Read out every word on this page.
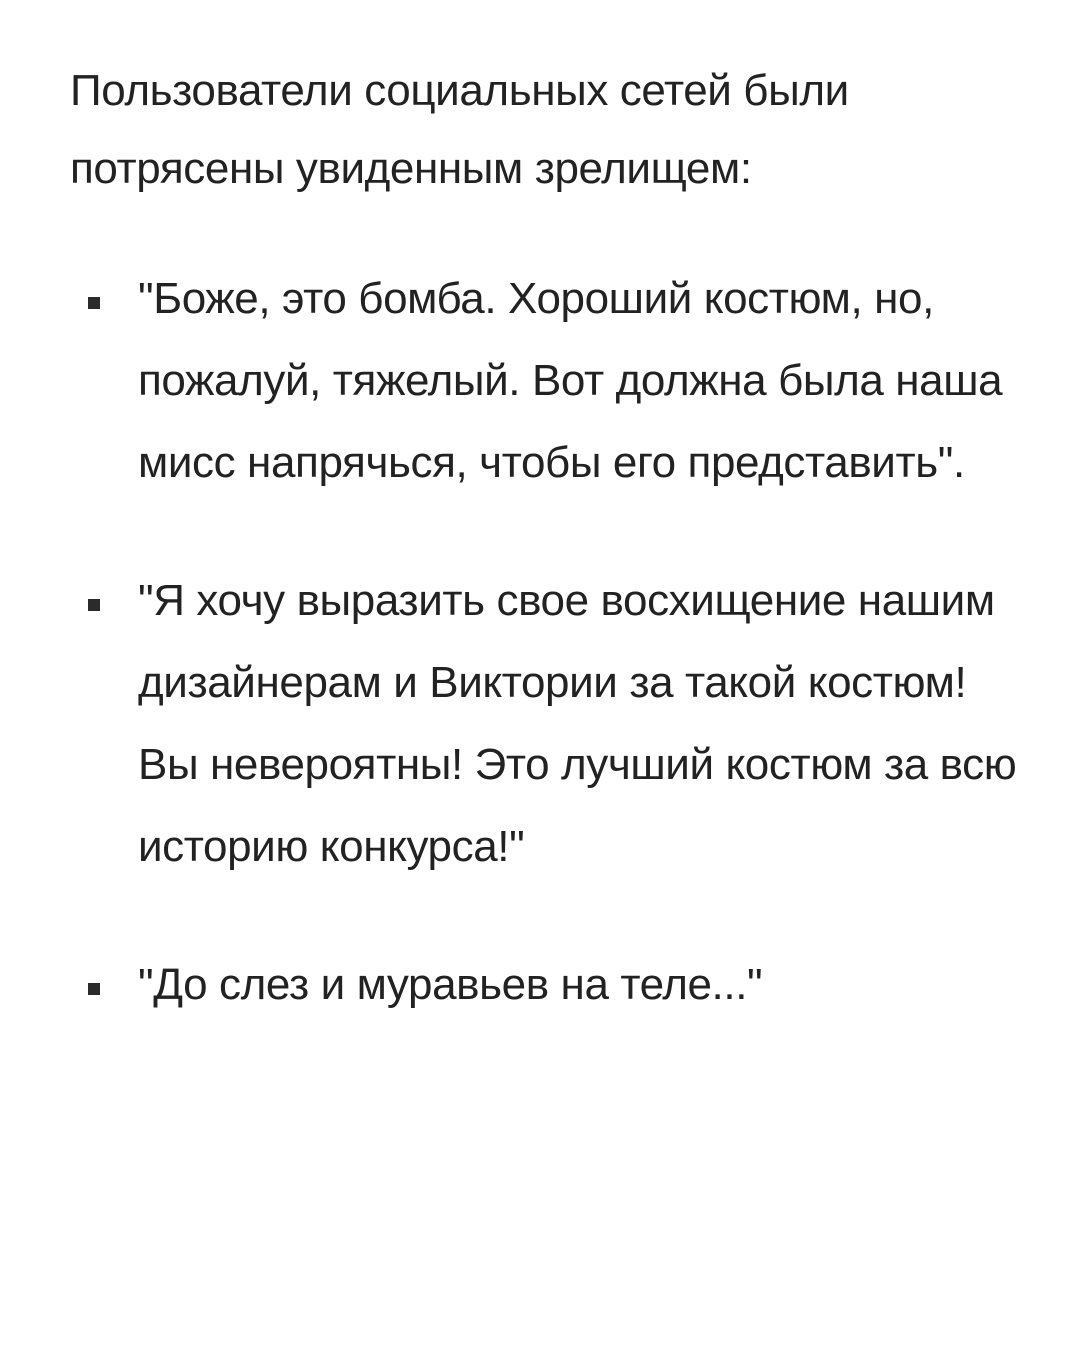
Пользователи социальных сетей были потрясены увиденным зрелищем:

"Боже, это бомба. Хороший костюм, но, пожалуй, тяжелый. Вот должна была наша мисс напрячься, чтобы его представить".
"Я хочу выразить свое восхищение нашим дизайнерам и Виктории за такой костюм! Вы невероятны! Это лучший костюм за всю историю конкурса!"
"До слез и муравьев на теле..."
